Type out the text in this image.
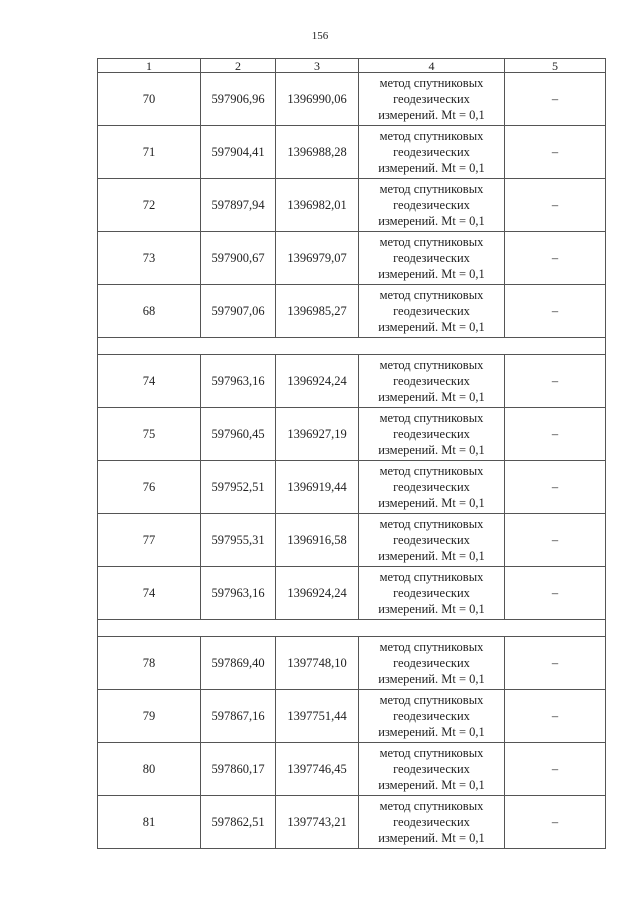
156
1	2	3	4	5
70	597906,96	1396990,06	метод спутниковых
геодезических
измерений. Mt = 0,1	–
71	597904,41	1396988,28	метод спутниковых
геодезических
измерений. Mt = 0,1	–
72	597897,94	1396982,01	метод спутниковых
геодезических
измерений. Mt = 0,1	–
73	597900,67	1396979,07	метод спутниковых
геодезических
измерений. Mt = 0,1	–
68	597907,06	1396985,27	метод спутниковых
геодезических
измерений. Mt = 0,1	–

74	597963,16	1396924,24	метод спутниковых
геодезических
измерений. Mt = 0,1	–
75	597960,45	1396927,19	метод спутниковых
геодезических
измерений. Mt = 0,1	–
76	597952,51	1396919,44	метод спутниковых
геодезических
измерений. Mt = 0,1	–
77	597955,31	1396916,58	метод спутниковых
геодезических
измерений. Mt = 0,1	–
74	597963,16	1396924,24	метод спутниковых
геодезических
измерений. Mt = 0,1	–

78	597869,40	1397748,10	метод спутниковых
геодезических
измерений. Mt = 0,1	–
79	597867,16	1397751,44	метод спутниковых
геодезических
измерений. Mt = 0,1	–
80	597860,17	1397746,45	метод спутниковых
геодезических
измерений. Mt = 0,1	–
81	597862,51	1397743,21	метод спутниковых
геодезических
измерений. Mt = 0,1	–
